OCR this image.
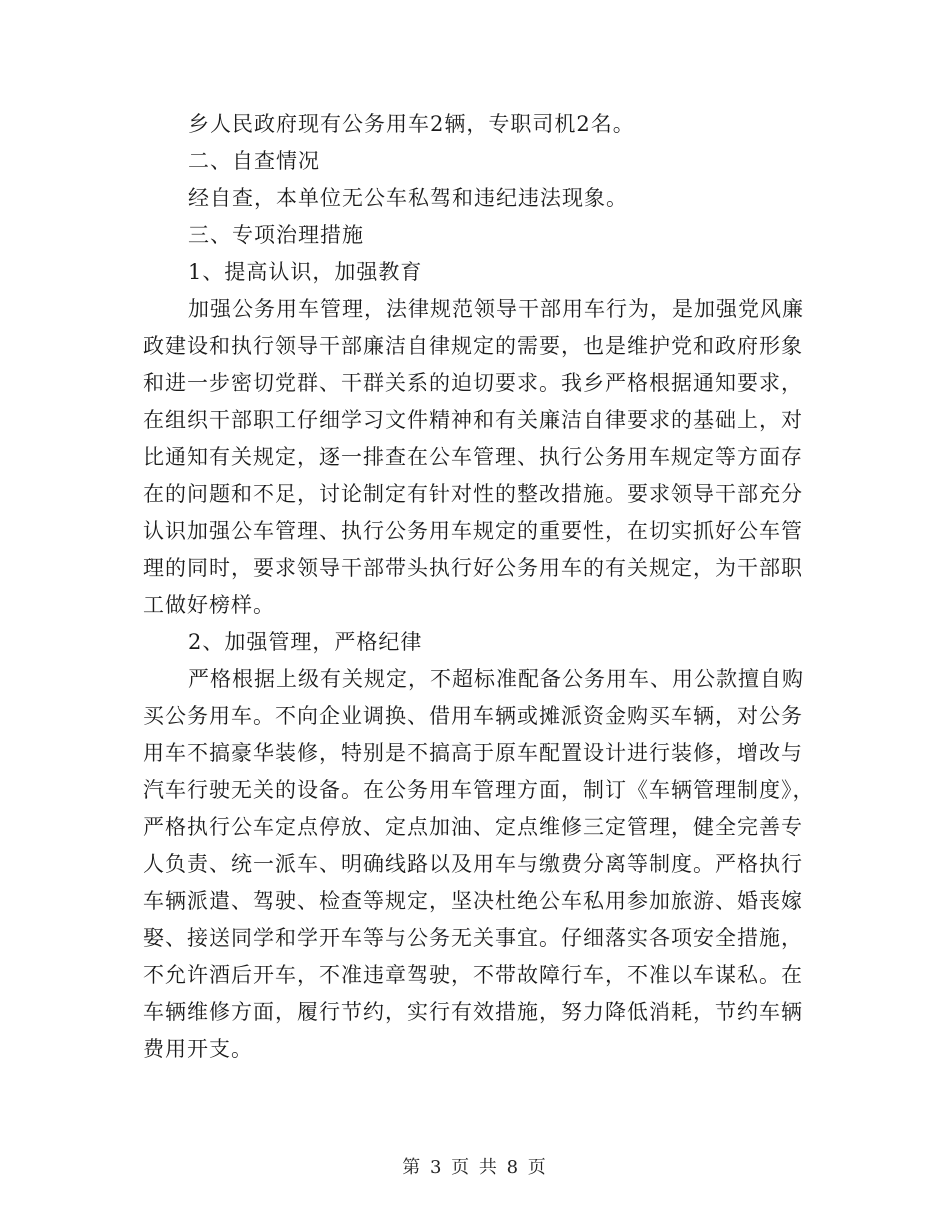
乡人民政府现有公务用车2辆，专职司机2名。
二、自查情况
经自查，本单位无公车私驾和违纪违法现象。
三、专项治理措施
1、提高认识，加强教育
加强公务用车管理，法律规范领导干部用车行为，是加强党风廉
政建设和执行领导干部廉洁自律规定的需要，也是维护党和政府形象
和进一步密切党群、干群关系的迫切要求。我乡严格根据通知要求，
在组织干部职工仔细学习文件精神和有关廉洁自律要求的基础上，对
比通知有关规定，逐一排查在公车管理、执行公务用车规定等方面存
在的问题和不足，讨论制定有针对性的整改措施。要求领导干部充分
认识加强公车管理、执行公务用车规定的重要性，在切实抓好公车管
理的同时，要求领导干部带头执行好公务用车的有关规定，为干部职
工做好榜样。
2、加强管理，严格纪律
严格根据上级有关规定，不超标准配备公务用车、用公款擅自购
买公务用车。不向企业调换、借用车辆或摊派资金购买车辆，对公务
用车不搞豪华装修，特别是不搞高于原车配置设计进行装修，增改与
汽车行驶无关的设备。在公务用车管理方面，制订《车辆管理制度》，
严格执行公车定点停放、定点加油、定点维修三定管理，健全完善专
人负责、统一派车、明确线路以及用车与缴费分离等制度。严格执行
车辆派遣、驾驶、检查等规定，坚决杜绝公车私用参加旅游、婚丧嫁
娶、接送同学和学开车等与公务无关事宜。仔细落实各项安全措施，
不允许酒后开车，不准违章驾驶，不带故障行车，不准以车谋私。在
车辆维修方面，履行节约，实行有效措施，努力降低消耗，节约车辆
费用开支。
第 3 页 共 8 页
